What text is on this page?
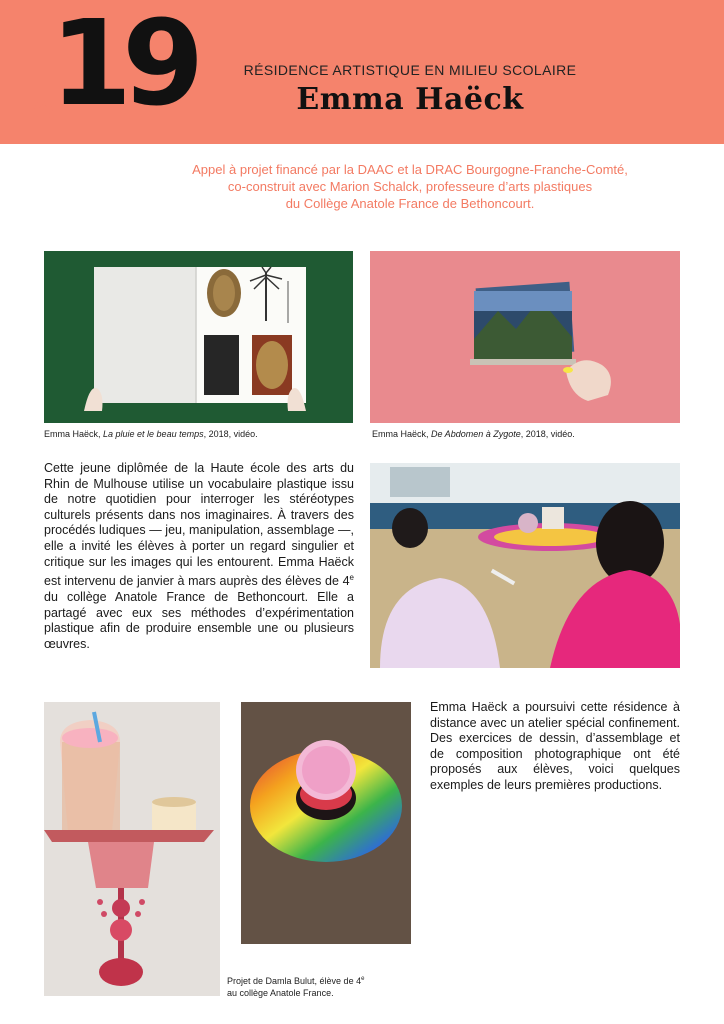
19
Le
RÉSIDENCE ARTISTIQUE EN MILIEU SCOLAIRE
Emma Haëck

Appel à projet financé par la DAAC et la DRAC Bourgogne-Franche-Comté,

co-construit avec Marion Schalck, professeure d’arts plastiques

du Collège Anatole France de Bethoncourt.

Emma Haëck, La pluie et le beau temps, 2018, vidéo.	Emma Haëck, De Abdomen à Zygote, 2018, vidéo.

Cette jeune diplômée de la Haute école des arts du Rhin de Mulhouse utilise un vocabulaire plastique issu de notre quotidien pour interroger les stéréotypes culturels présents dans nos imaginaires. À travers des procédés ludiques — jeu, manipulation, assemblage —, elle a invité les élèves à porter un regard singulier et critique sur les images qui les entourent. Emma Haëck est intervenu de janvier à mars auprès des élèves de 4e du collège Anatole France de Bethoncourt. Elle a partagé avec eux ses méthodes d’expérimentation plastique afin de produire ensemble une ou plusieurs œuvres.

Emma Haëck a poursuivi cette résidence à distance avec un atelier spécial confinement. Des exercices de dessin, d’assemblage et de composition photographique ont été proposés aux élèves, voici quelques exemples de leurs premières productions.

Projet de Damla Bulut, élève de 4e
au collège Anatole France.
